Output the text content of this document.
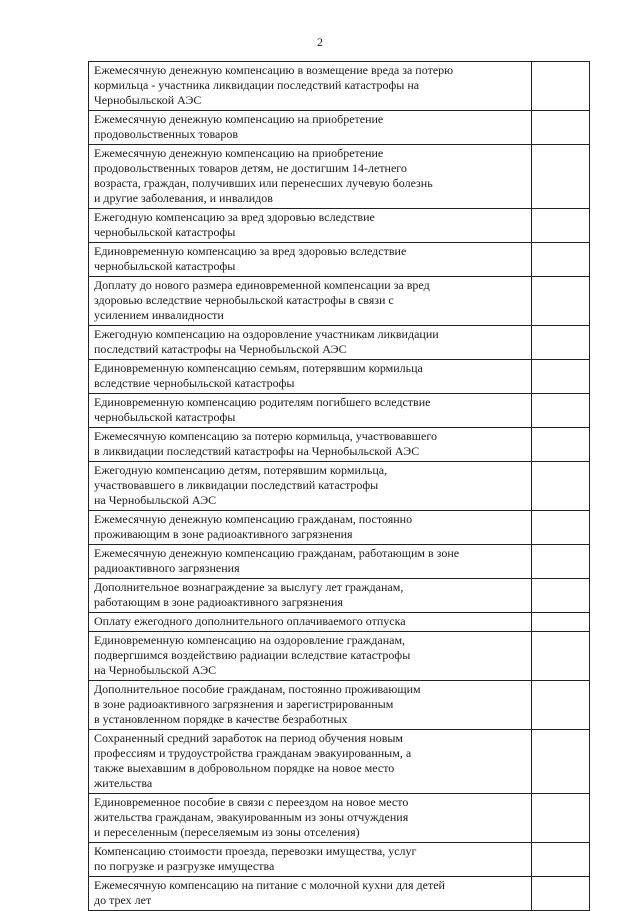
2
Ежемесячную денежную компенсацию в возмещение вреда за потерю
кормильца - участника ликвидации последствий катастрофы на
Чернобыльской АЭС	

Ежемесячную денежную компенсацию на приобретение
продовольственных товаров	

Ежемесячную денежную компенсацию на приобретение
продовольственных товаров детям, не достигшим 14-летнего
возраста, граждан, получивших или перенесших лучевую болезнь
и другие заболевания, и инвалидов	

Ежегодную компенсацию за вред здоровью вследствие
чернобыльской катастрофы	

Единовременную компенсацию за вред здоровью вследствие
чернобыльской катастрофы	

Доплату до нового размера единовременной компенсации за вред
здоровью вследствие чернобыльской катастрофы в связи с
усилением инвалидности	

Ежегодную компенсацию на оздоровление участникам ликвидации
последствий катастрофы на Чернобыльской АЭС	

Единовременную компенсацию семьям, потерявшим кормильца
вследствие чернобыльской катастрофы	

Единовременную компенсацию родителям погибшего вследствие
чернобыльской катастрофы	

Ежемесячную компенсацию за потерю кормильца, участвовавшего
в ликвидации последствий катастрофы на Чернобыльской АЭС	

Ежегодную компенсацию детям, потерявшим кормильца,
участвовавшего в ликвидации последствий катастрофы
на Чернобыльской АЭС	

Ежемесячную денежную компенсацию гражданам, постоянно
проживающим в зоне радиоактивного загрязнения	

Ежемесячную денежную компенсацию гражданам, работающим в зоне
радиоактивного загрязнения	

Дополнительное вознаграждение за выслугу лет гражданам,
работающим в зоне радиоактивного загрязнения	

Оплату ежегодного дополнительного оплачиваемого отпуска	

Единовременную компенсацию на оздоровление гражданам,
подвергшимся воздействию радиации вследствие катастрофы
на Чернобыльской АЭС	

Дополнительное пособие гражданам, постоянно проживающим
в зоне радиоактивного загрязнения и зарегистрированным
в установленном порядке в качестве безработных	

Сохраненный средний заработок на период обучения новым
профессиям и трудоустройства гражданам эвакуированным, а
также выехавшим в добровольном порядке на новое место
жительства	

Единовременное пособие в связи с переездом на новое место
жительства гражданам, эвакуированным из зоны отчуждения
и переселенным (переселяемым из зоны отселения)	

Компенсацию стоимости проезда, перевозки имущества, услуг
по погрузке и разгрузке имущества	

Ежемесячную компенсацию на питание с молочной кухни для детей
до трех лет	
